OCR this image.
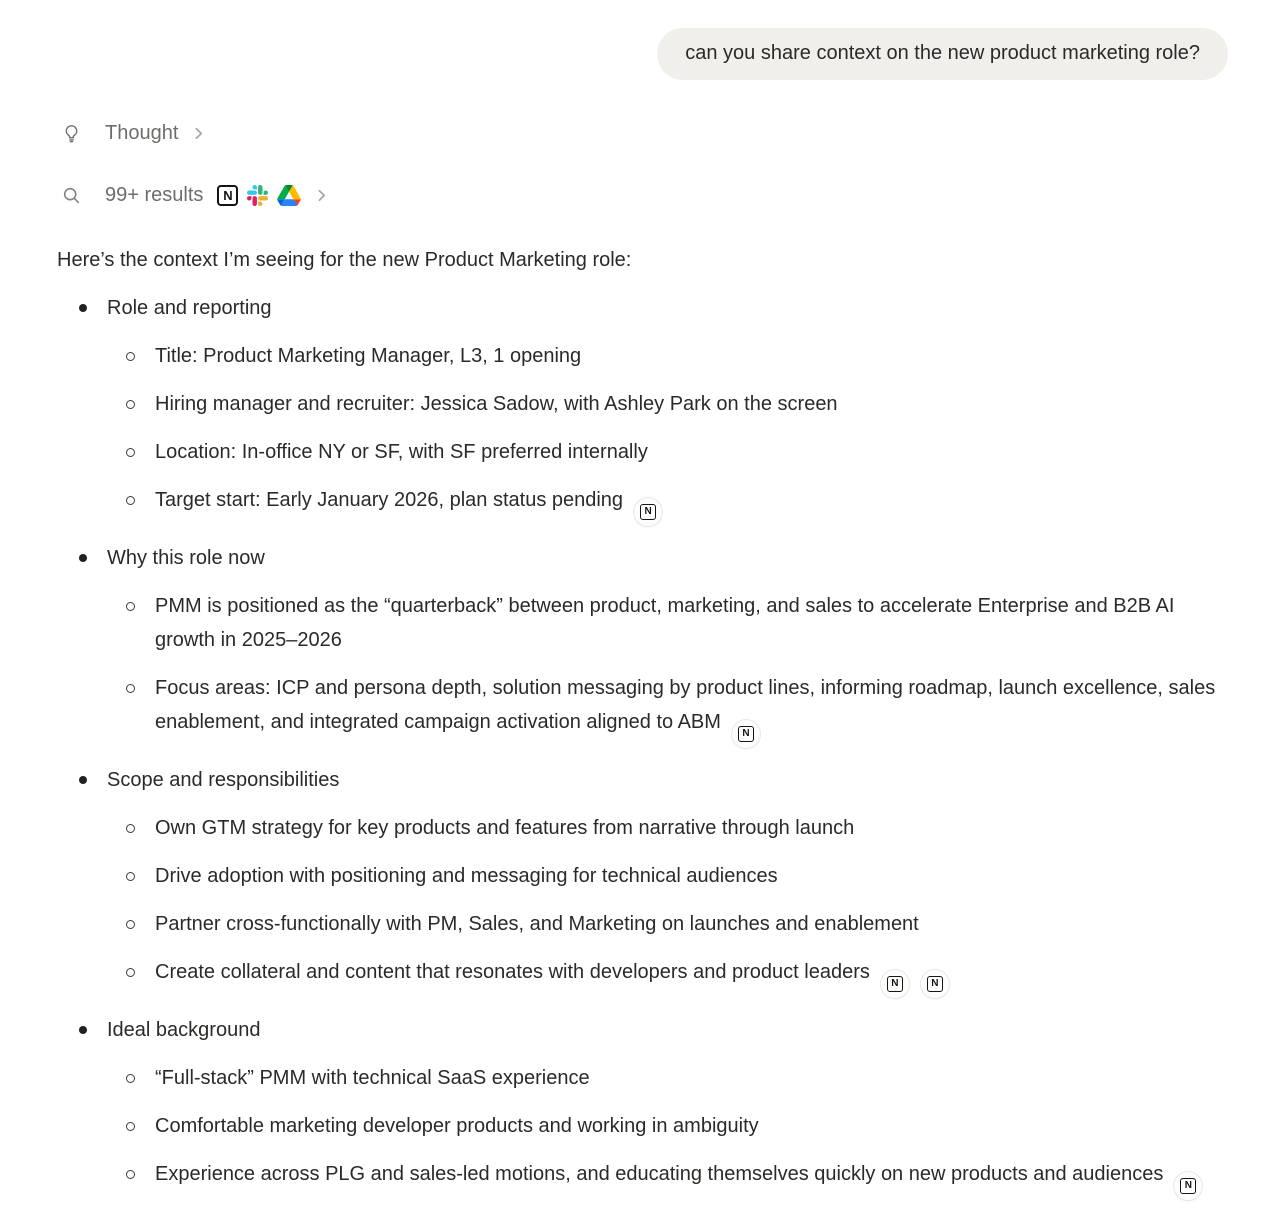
can you share context on the new product marketing role?
Thought
99+ results	N

Here’s the context I’m seeing for the new Product Marketing role:

Role and reporting
Title: Product Marketing Manager, L3, 1 opening
Hiring manager and recruiter: Jessica Sadow, with Ashley Park on the screen
Location: In-office NY or SF, with SF preferred internally
Target start: Early January 2026, plan status pending
N
Why this role now
PMM is positioned as the “quarterback” between product, marketing, and sales to accelerate Enterprise and B2B AI growth in 2025–2026
Focus areas: ICP and persona depth, solution messaging by product lines, informing roadmap, launch excellence, sales enablement, and integrated campaign activation aligned to ABM
N
Scope and responsibilities
Own GTM strategy for key products and features from narrative through launch
Drive adoption with positioning and messaging for technical audiences
Partner cross-functionally with PM, Sales, and Marketing on launches and enablement
Create collateral and content that resonates with developers and product leaders
N	N
Ideal background
“Full-stack” PMM with technical SaaS experience
Comfortable marketing developer products and working in ambiguity
Experience across PLG and sales-led motions, and educating themselves quickly on new products and audiences
N
